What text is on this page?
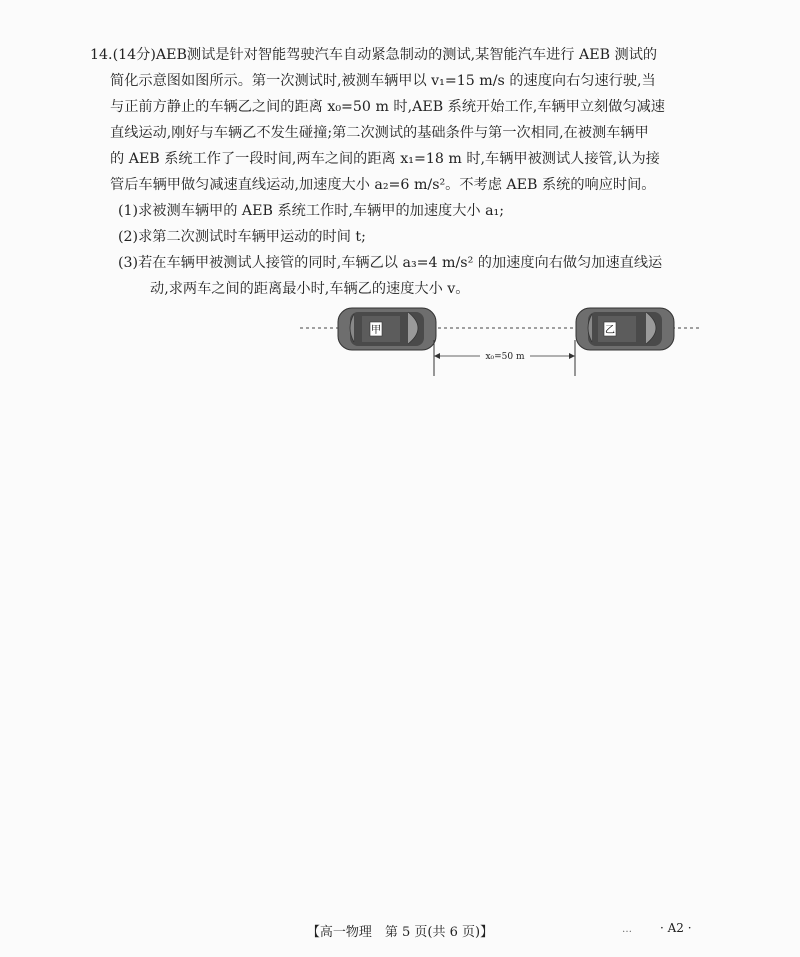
14.(14分)AEB测试是针对智能驾驶汽车自动紧急制动的测试,某智能汽车进行 AEB 测试的
简化示意图如图所示。第一次测试时,被测车辆甲以 v₁=15 m/s 的速度向右匀速行驶,当
与正前方静止的车辆乙之间的距离 x₀=50 m 时,AEB 系统开始工作,车辆甲立刻做匀减速
直线运动,刚好与车辆乙不发生碰撞;第二次测试的基础条件与第一次相同,在被测车辆甲
的 AEB 系统工作了一段时间,两车之间的距离 x₁=18 m 时,车辆甲被测试人接管,认为接
管后车辆甲做匀减速直线运动,加速度大小 a₂=6 m/s²。不考虑 AEB 系统的响应时间。
(1)求被测车辆甲的 AEB 系统工作时,车辆甲的加速度大小 a₁;
(2)求第二次测试时车辆甲运动的时间 t;
(3)若在车辆甲被测试人接管的同时,车辆乙以 a₃=4 m/s² 的加速度向右做匀加速直线运
动,求两车之间的距离最小时,车辆乙的速度大小 v。
甲	乙
x₀=50 m
【高一物理　第 5 页(共 6 页)】	… · A2 ·
